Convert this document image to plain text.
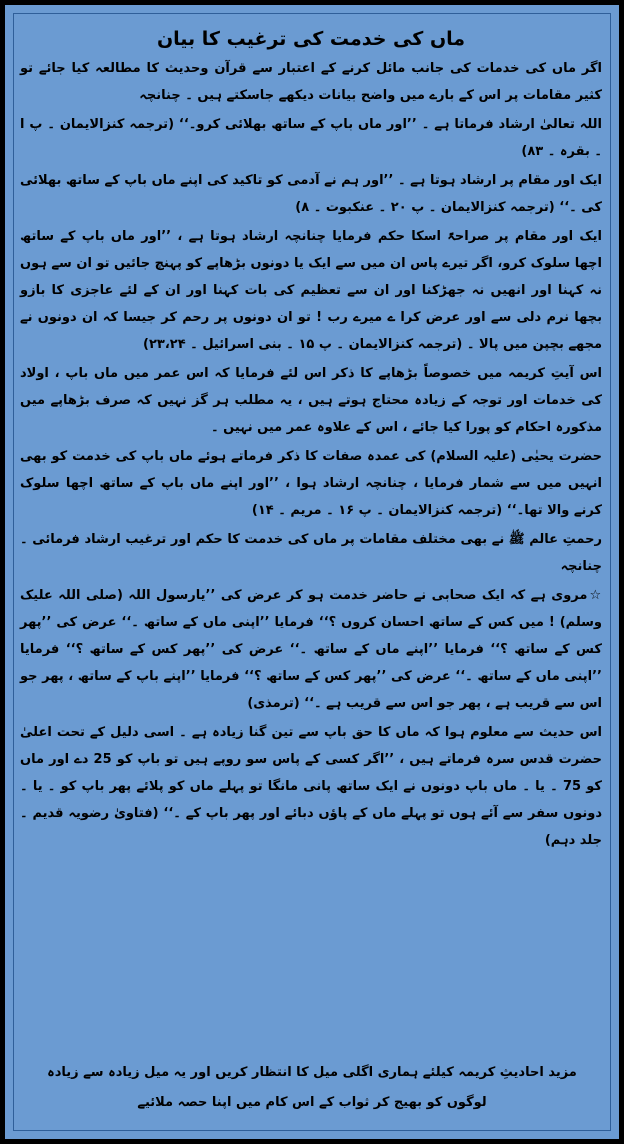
ماں کی خدمت کی ترغیب کا بیان
اگر ماں کی خدمات کی جانب مائل کرنے کے اعتبار سے قرآن وحدیث کا مطالعہ کیا جائے تو کثیر مقامات پر اس کے بارے میں واضح بیانات دیکھے جاسکتے ہیں ۔ چنانچہ
اللہ تعالیٰ ارشاد فرماتا ہے ۔ ’’اور ماں باپ کے ساتھ بھلائی کرو۔‘‘ (ترجمہ کنزالایمان ۔ پ ا ۔ بقرہ ۔ ۸۳)
ایک اور مقام پر ارشاد ہوتا ہے ۔ ’’اور ہم نے آدمی کو تاکید کی اپنے ماں باپ کے ساتھ بھلائی کی ۔‘‘ (ترجمہ کنزالایمان ۔ پ ۲۰ ۔ عنکبوت ۔ ۸)
ایک اور مقام پر صراحۃً اسکا حکم فرمایا چنانچہ ارشاد ہوتا ہے ، ’’اور ماں باپ کے ساتھ اچھا سلوک کرو، اگر تیرے پاس ان میں سے ایک یا دونوں بڑھاپے کو پہنچ جائیں تو ان سے ہوں نہ کہنا اور انھیں نہ جھڑکنا اور ان سے تعظیم کی بات کہنا اور ان کے لئے عاجزی کا بازو بچھا نرم دلی سے اور عرض کرا ے میرے رب ! تو ان دونوں پر رحم کر جیسا کہ ان دونوں نے مجھے بچپن میں پالا ۔ (ترجمہ کنزالایمان ۔ پ ۱۵ ۔ بنی اسرائیل ۔ ۲۳،۲۴)
اس آیتِ کریمہ میں خصوصاً بڑھاپے کا ذکر اس لئے فرمایا کہ اس عمر میں ماں باپ ، اولاد کی خدمات اور توجہ کے زیادہ محتاج ہوتے ہیں ، یہ مطلب ہر گز نہیں کہ صرف بڑھاپے میں مذکورہ احکام کو پورا کیا جائے ، اس کے علاوہ عمر میں نہیں ۔
حضرت یحیٰی (علیہ السلام) کی عمدہ صفات کا ذکر فرماتے ہوئے ماں باپ کی خدمت کو بھی انہیں میں سے شمار فرمایا ، چنانچہ ارشاد ہوا ، ’’اور اپنے ماں باپ کے ساتھ اچھا سلوک کرنے والا تھا۔‘‘ (ترجمہ کنزالایمان ۔ پ ۱۶ ۔ مریم ۔ ۱۴)
رحمتِ عالم ﷺ نے بھی مختلف مقامات پر ماں کی خدمت کا حکم اور ترغیب ارشاد فرمائی ۔ چنانچہ
☆مروی ہے کہ ایک صحابی نے حاضر خدمت ہو کر عرض کی ’’یارسول اللہ (صلی اللہ علیک وسلم) ! میں کس کے ساتھ احسان کروں ؟‘‘ فرمایا ’’اپنی ماں کے ساتھ ۔‘‘ عرض کی ’’پھر کس کے ساتھ ؟‘‘ فرمایا ’’اپنے ماں کے ساتھ ۔‘‘ عرض کی ’’پھر کس کے ساتھ ؟‘‘ فرمایا ’’اپنی ماں کے ساتھ ۔‘‘ عرض کی ’’پھر کس کے ساتھ ؟‘‘ فرمایا ’’اپنے باپ کے ساتھ ، پھر جو اس سے قریب ہے ، پھر جو اس سے قریب ہے ۔‘‘ (ترمذی)
اس حدیث سے معلوم ہوا کہ ماں کا حق باپ سے تین گنا زیادہ ہے ۔ اسی دلیل کے تحت اعلیٰ حضرت قدس سرہ فرماتے ہیں ، ’’اگر کسی کے پاس سو روپے ہیں تو باپ کو 25 دے اور ماں کو 75 ۔ یا ۔ ماں باپ دونوں نے ایک ساتھ پانی مانگا تو پہلے ماں کو پلائے پھر باپ کو ۔ یا ۔ دونوں سفر سے آئے ہوں تو پہلے ماں کے پاؤں دبائے اور پھر باپ کے ۔‘‘ (فتاویٰ رضویہ قدیم ۔ جلد دہم)
مزید احادیثِ کریمہ کیلئے ہماری اگلی میل کا انتظار کریں اور یہ میل زیادہ سے زیادہ لوگوں کو بھیج کر ثواب کے اس کام میں اپنا حصہ ملائیے
